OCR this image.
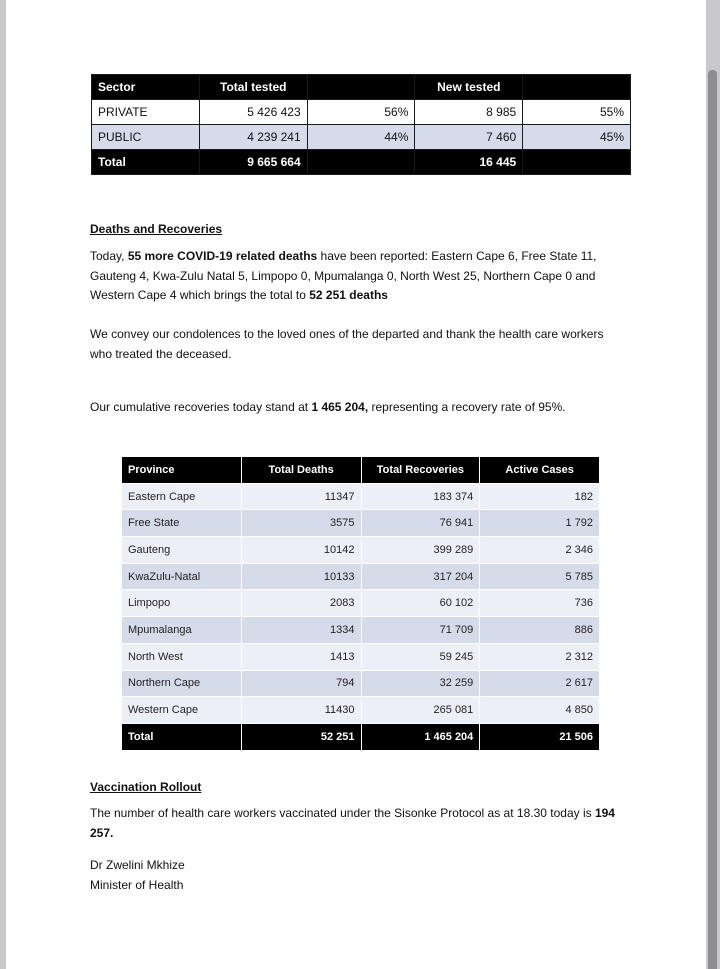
Sector	Total tested		New tested	
PRIVATE	5 426 423	56%	8 985	55%
PUBLIC	4 239 241	44%	7 460	45%
Total	9 665 664		16 445	
Deaths and Recoveries
Today, 55 more COVID-19 related deaths have been reported: Eastern Cape 6, Free State 11, Gauteng 4, Kwa-Zulu Natal 5, Limpopo 0, Mpumalanga 0, North West 25, Northern Cape 0 and Western Cape 4 which brings the total to 52 251 deaths
We convey our condolences to the loved ones of the departed and thank the health care workers who treated the deceased.
Our cumulative recoveries today stand at 1 465 204, representing a recovery rate of 95%.
Province	Total Deaths	Total Recoveries	Active Cases
Eastern Cape	11347	183 374	182
Free State	3575	76 941	1 792
Gauteng	10142	399 289	2 346
KwaZulu-Natal	10133	317 204	5 785
Limpopo	2083	60 102	736
Mpumalanga	1334	71 709	886
North West	1413	59 245	2 312
Northern Cape	794	32 259	2 617
Western Cape	11430	265 081	4 850
Total	52 251	1 465 204	21 506
Vaccination Rollout
The number of health care workers vaccinated under the Sisonke Protocol as at 18.30 today is 194 257.
Dr Zwelini Mkhize
Minister of Health
